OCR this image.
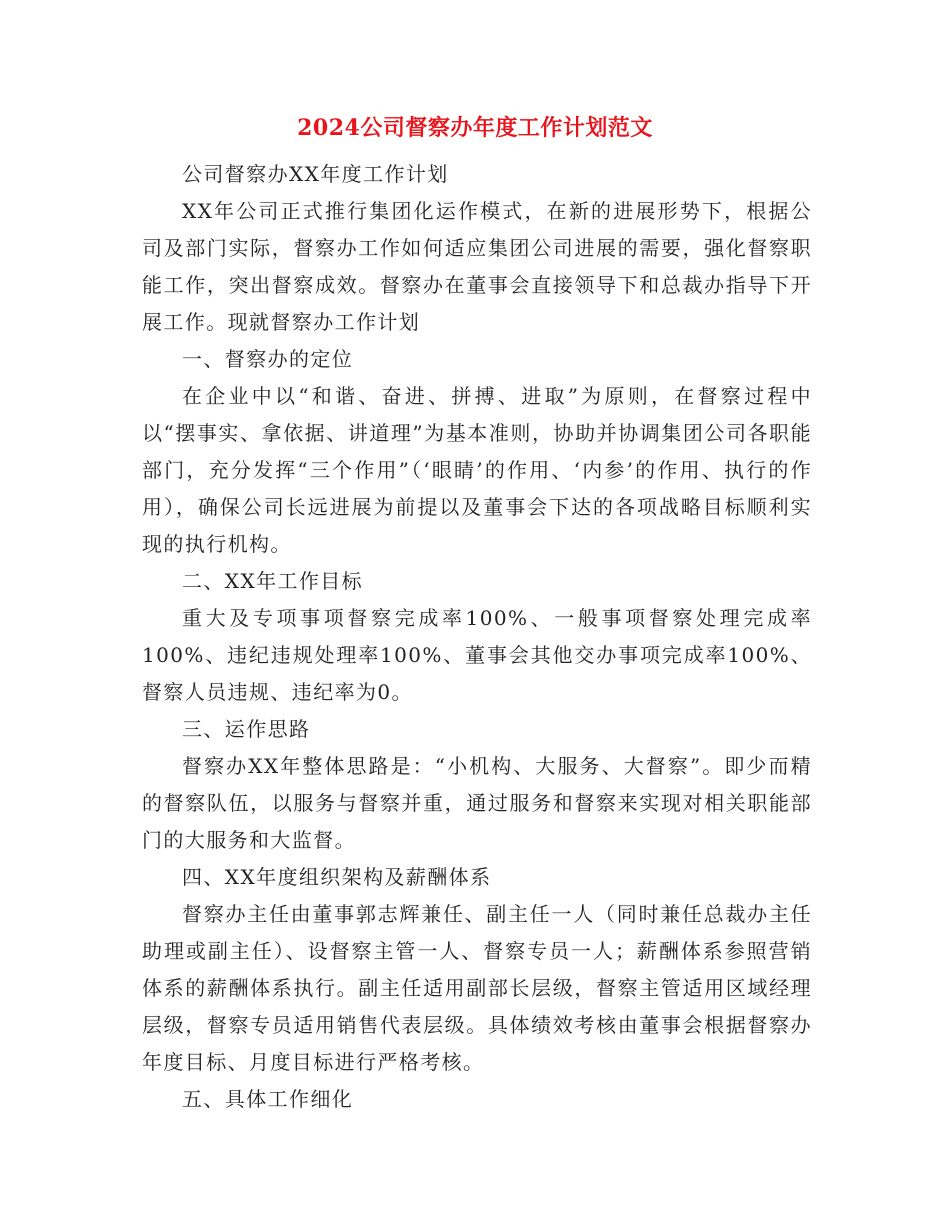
2024公司督察办年度工作计划范文

公司督察办XX年度工作计划

XX年公司正式推行集团化运作模式，在新的进展形势下，根据公司及部门实际，督察办工作如何适应集团公司进展的需要，强化督察职能工作，突出督察成效。督察办在董事会直接领导下和总裁办指导下开展工作。现就督察办工作计划

一、督察办的定位

在企业中以“和谐、奋进、拼搏、进取”为原则，在督察过程中以“摆事实、拿依据、讲道理”为基本准则，协助并协调集团公司各职能部门，充分发挥“三个作用”（‘眼睛’的作用、‘内参’的作用、执行的作用），确保公司长远进展为前提以及董事会下达的各项战略目标顺利实现的执行机构。

二、XX年工作目标

重大及专项事项督察完成率100%、一般事项督察处理完成率100%、违纪违规处理率100%、董事会其他交办事项完成率100%、督察人员违规、违纪率为0。

三、运作思路

督察办XX年整体思路是：“小机构、大服务、大督察”。即少而精的督察队伍，以服务与督察并重，通过服务和督察来实现对相关职能部门的大服务和大监督。

四、XX年度组织架构及薪酬体系

督察办主任由董事郭志辉兼任、副主任一人（同时兼任总裁办主任助理或副主任）、设督察主管一人、督察专员一人；薪酬体系参照营销体系的薪酬体系执行。副主任适用副部长层级，督察主管适用区域经理层级，督察专员适用销售代表层级。具体绩效考核由董事会根据督察办年度目标、月度目标进行严格考核。

五、具体工作细化
